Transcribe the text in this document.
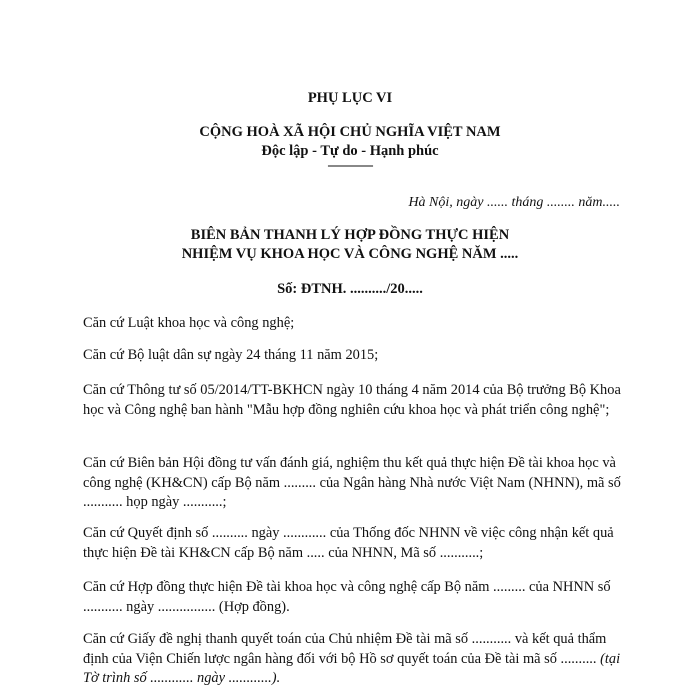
PHỤ LỤC VI
CỘNG HOÀ XÃ HỘI CHỦ NGHĨA VIỆT NAM
Độc lập - Tự do - Hạnh phúc
---------------
Hà Nội, ngày ...... tháng ........ năm.....
BIÊN BẢN THANH LÝ HỢP ĐỒNG THỰC HIỆN
NHIỆM VỤ KHOA HỌC VÀ CÔNG NGHỆ NĂM .....
Số: ĐTNH. ........../20.....

Căn cứ Luật khoa học và công nghệ;

Căn cứ Bộ luật dân sự ngày 24 tháng 11 năm 2015;

Căn cứ Thông tư số 05/2014/TT-BKHCN ngày 10 tháng 4 năm 2014 của Bộ trưởng Bộ Khoa học và Công nghệ ban hành "Mẫu hợp đồng nghiên cứu khoa học và phát triển công nghệ";

Căn cứ Biên bản Hội đồng tư vấn đánh giá, nghiệm thu kết quả thực hiện Đề tài khoa học và công nghệ (KH&CN) cấp Bộ năm ......... của Ngân hàng Nhà nước Việt Nam (NHNN), mã số ........... họp ngày ...........;

Căn cứ Quyết định số .......... ngày ............ của Thống đốc NHNN về việc công nhận kết quả thực hiện Đề tài KH&CN cấp Bộ năm ..... của NHNN, Mã số ...........;

Căn cứ Hợp đồng thực hiện Đề tài khoa học và công nghệ cấp Bộ năm ......... của NHNN số ........... ngày ................ (Hợp đồng).

Căn cứ Giấy đề nghị thanh quyết toán của Chủ nhiệm Đề tài mã số ........... và kết quả thẩm định của Viện Chiến lược ngân hàng đối với bộ Hồ sơ quyết toán của Đề tài mã số .......... (tại Tờ trình số ............ ngày ............).
